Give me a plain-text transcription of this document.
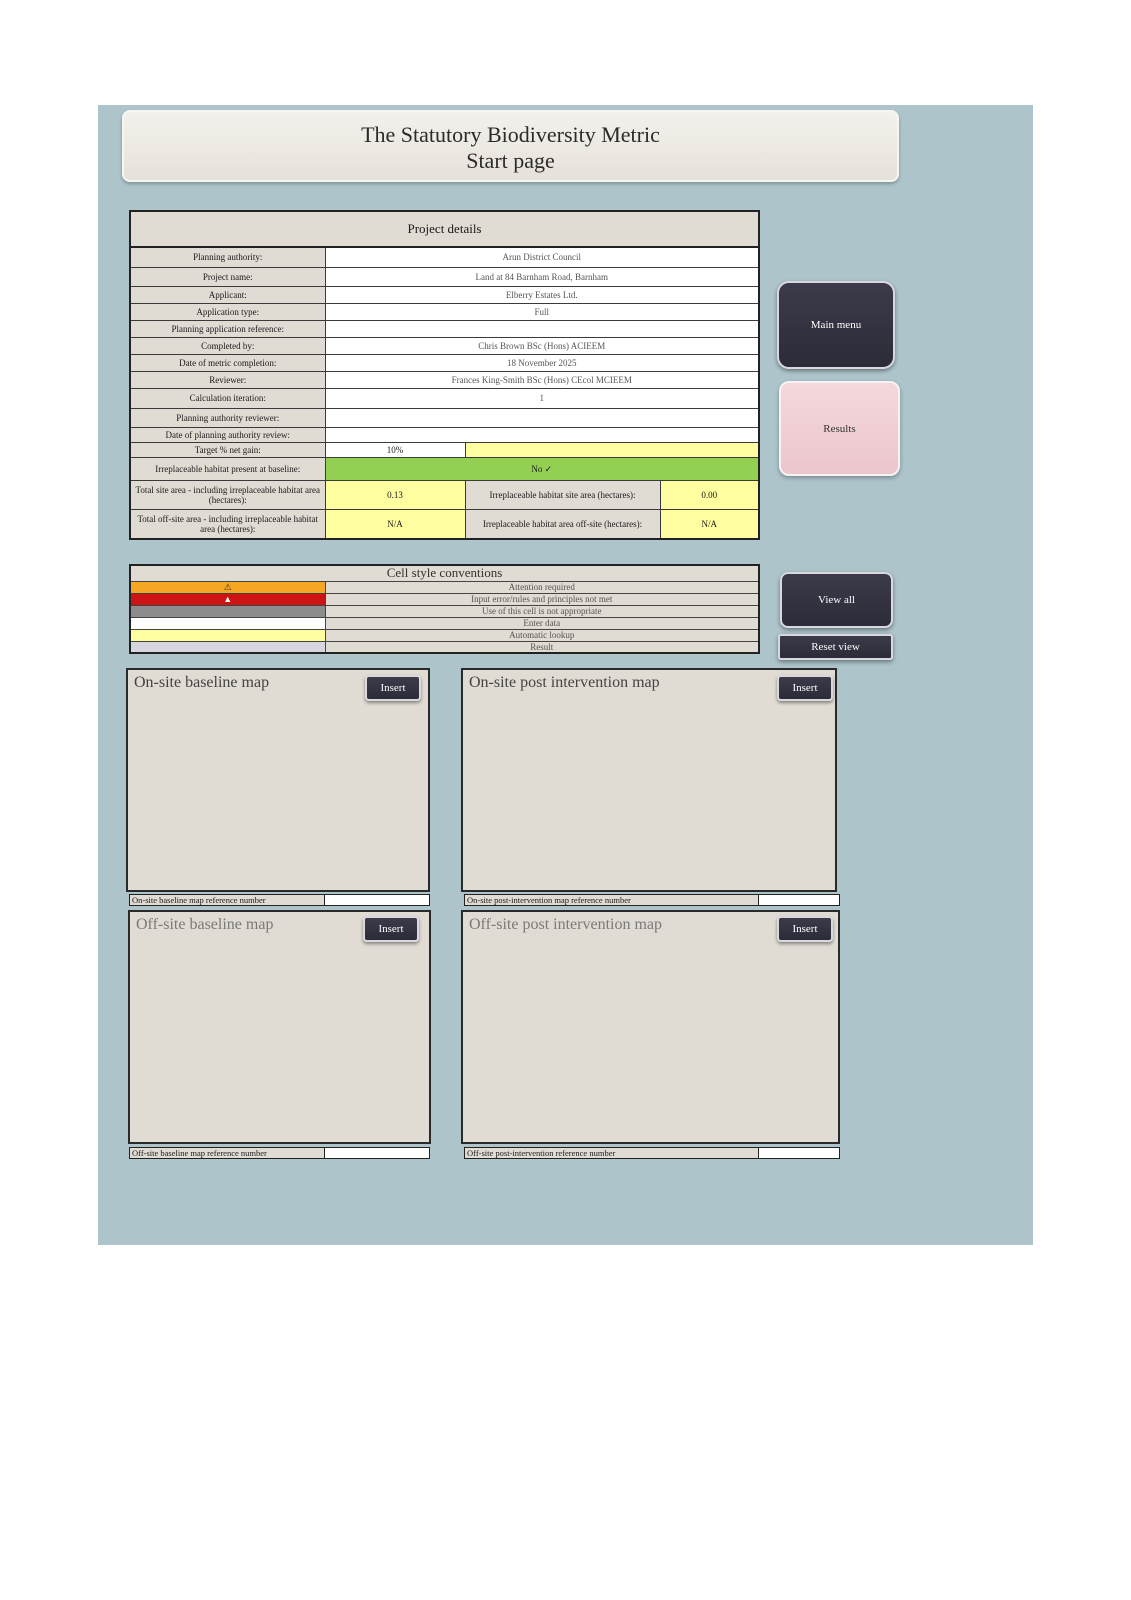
The Statutory Biodiversity Metric
Start page
Project details		
Planning authority:	Arun District Council	
Project name:	Land at 84 Barnham Road, Barnham	
Applicant:	Elberry Estates Ltd.	
Application type:	Full	
Planning application reference:		
Completed by:	Chris Brown BSc (Hons) ACIEEM	
Date of metric completion:	18 November 2025	
Reviewer:	Frances King-Smith BSc (Hons) CEcol MCIEEM	
Calculation iteration:	1	
Planning authority reviewer:		
Date of planning authority review:		
Target % net gain:	10%	
Irreplaceable habitat present at baseline:	No ✓	
Total site area - including irreplaceable habitat area (hectares):	0.13	Irreplaceable habitat site area (hectares):	0.00
Total off-site area - including irreplaceable habitat area (hectares):	N/A	Irreplaceable habitat area off-site (hectares):	N/A
Cell style conventions	
⚠	Attention required
▲	Input error/rules and principles not met
	Use of this cell is not appropriate
	Enter data
	Automatic lookup
	Result
Main menu
Results
View all
Reset view
On-site baseline map	Insert
On-site baseline map reference number
On-site post intervention map	Insert
On-site post-intervention map reference number
Off-site baseline map	Insert
Off-site baseline map reference number
Off-site post intervention map	Insert
Off-site post-intervention reference number
